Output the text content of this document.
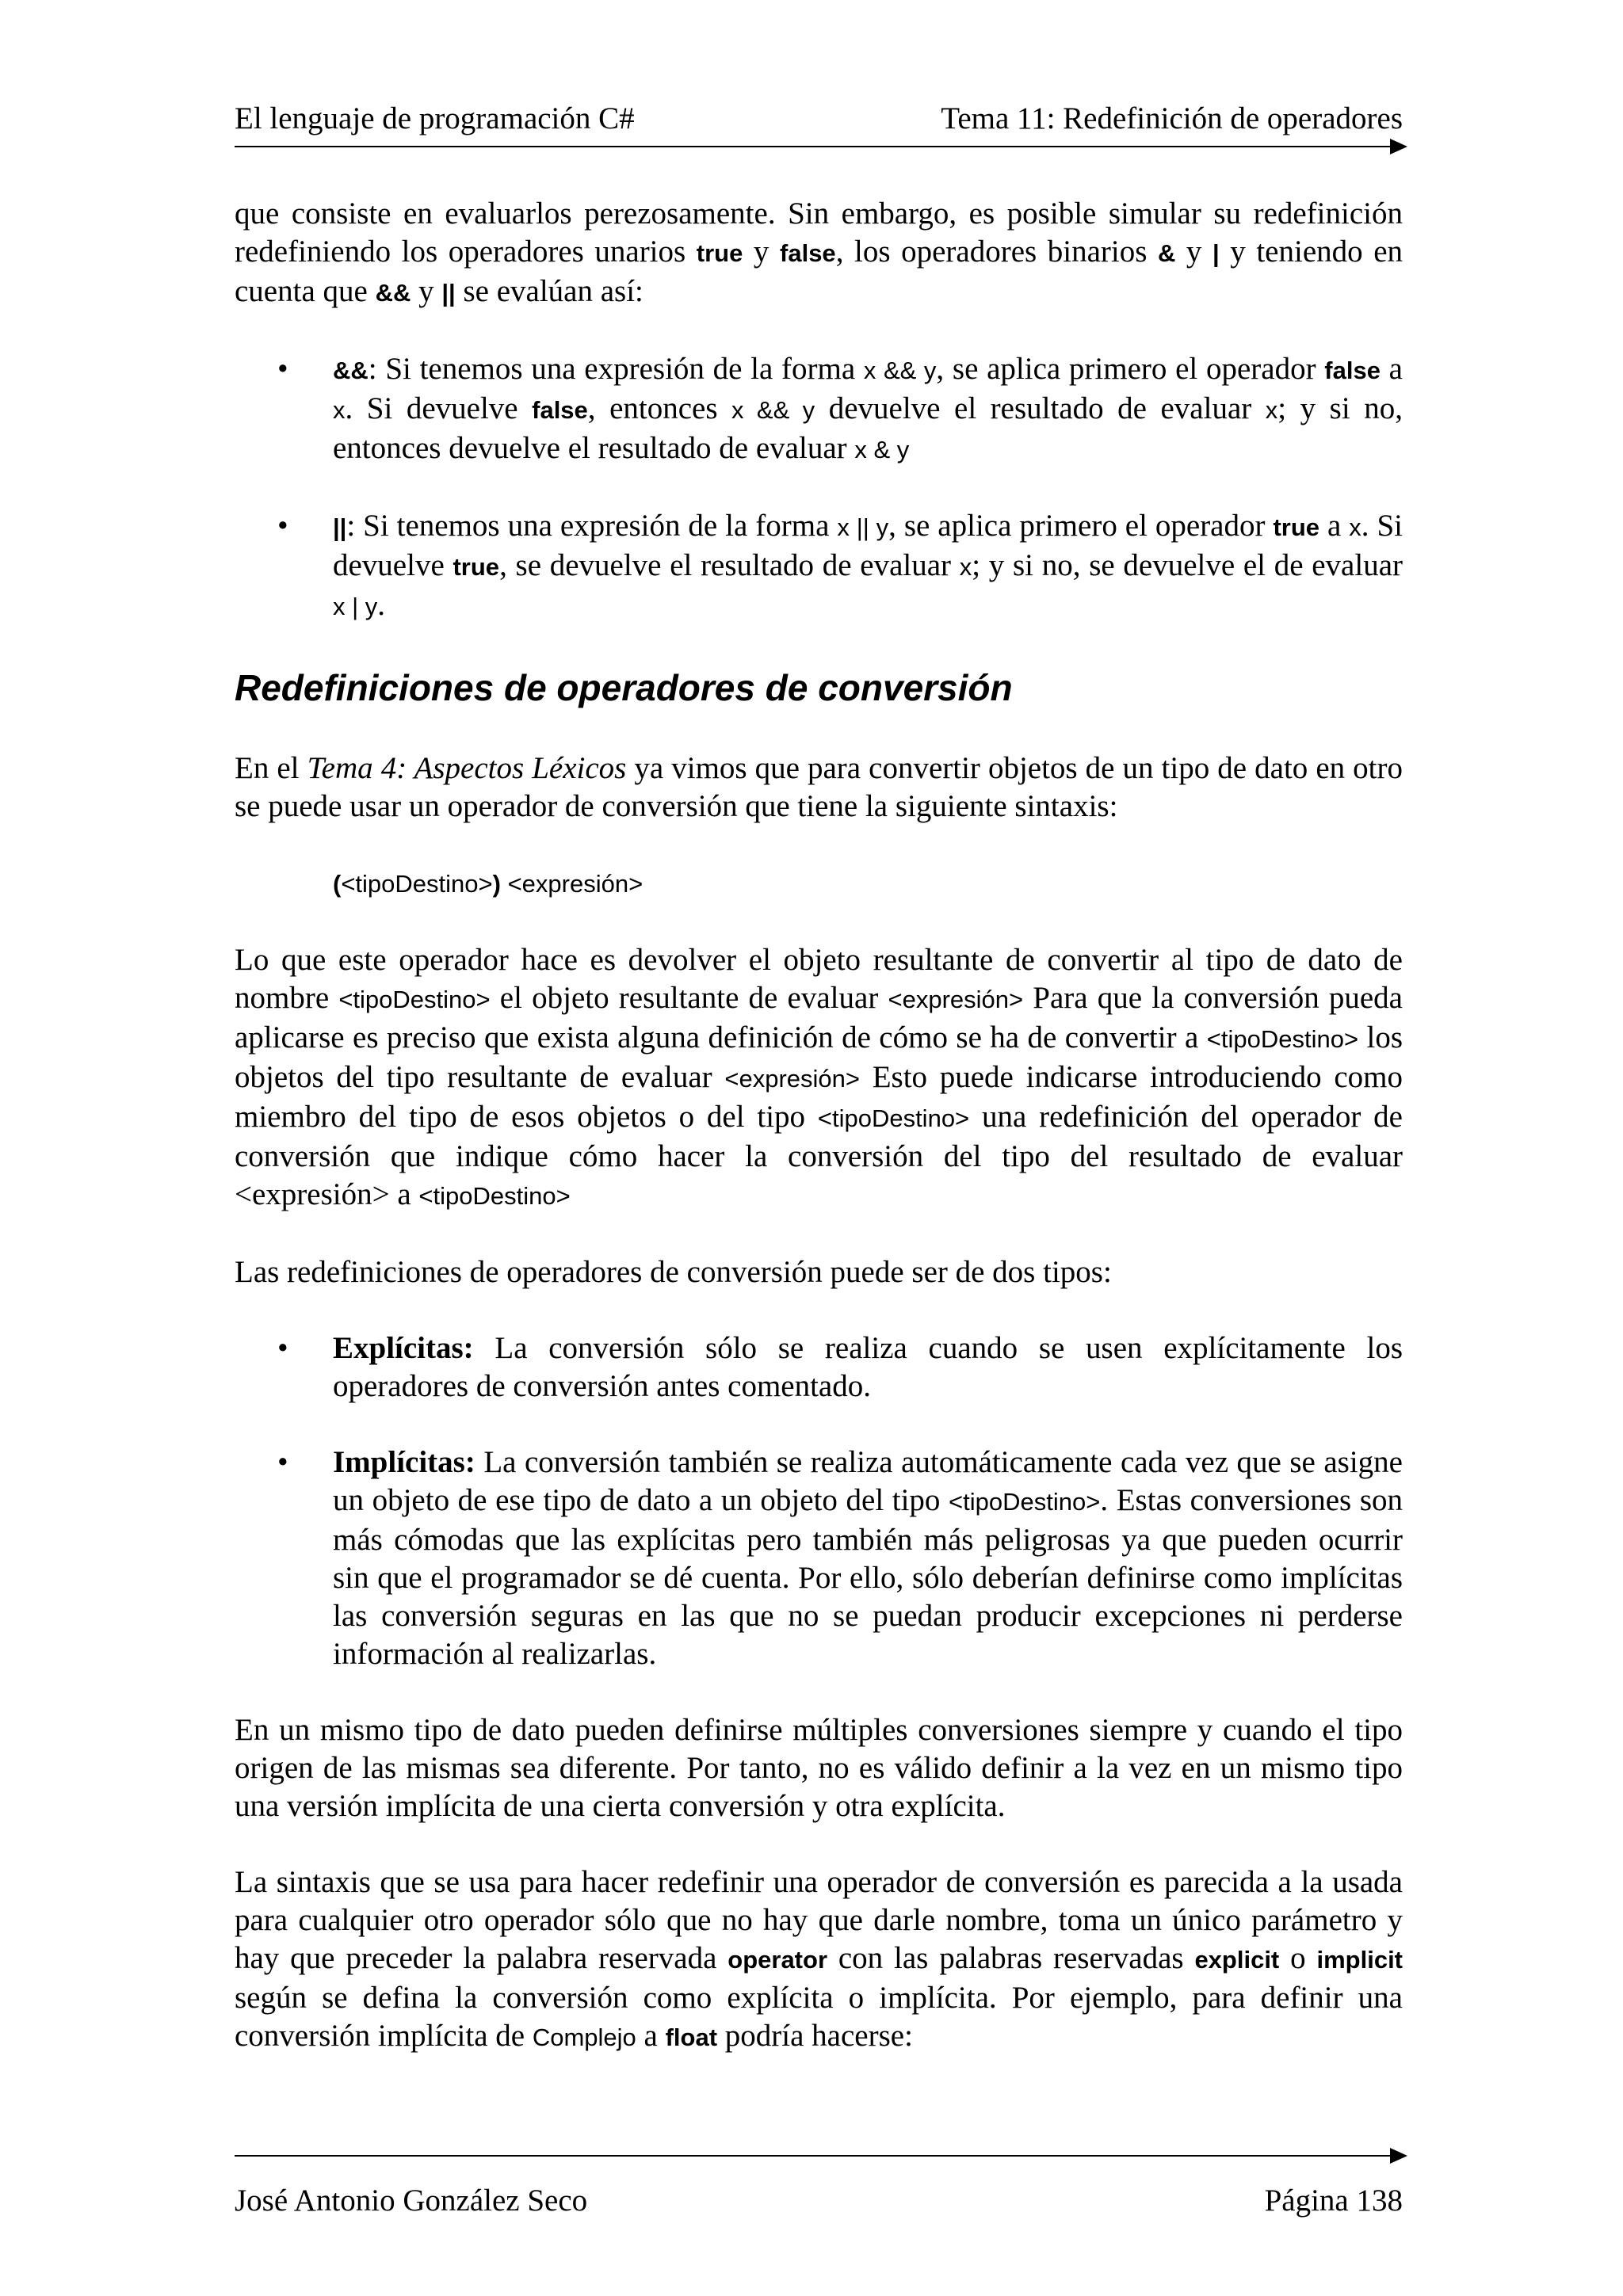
El lenguaje de programación C#	Tema 11: Redefinición de operadores

que consiste en evaluarlos perezosamente. Sin embargo, es posible simular su redefinición redefiniendo los operadores unarios true y false, los operadores binarios & y | y teniendo en cuenta que && y || se evalúan así:

•	&&: Si tenemos una expresión de la forma x && y, se aplica primero el operador false a x. Si devuelve false, entonces x && y devuelve el resultado de evaluar x; y si no, entonces devuelve el resultado de evaluar x & y
•	||: Si tenemos una expresión de la forma x || y, se aplica primero el operador true a x. Si devuelve true, se devuelve el resultado de evaluar x; y si no, se devuelve el de evaluar x | y.
Redefiniciones de operadores de conversión

En el Tema 4: Aspectos Léxicos ya vimos que para convertir objetos de un tipo de dato en otro se puede usar un operador de conversión que tiene la siguiente sintaxis:

(<tipoDestino>) <expresión>

Lo que este operador hace es devolver el objeto resultante de convertir al tipo de dato de nombre <tipoDestino> el objeto resultante de evaluar <expresión> Para que la conversión pueda aplicarse es preciso que exista alguna definición de cómo se ha de convertir a <tipoDestino> los objetos del tipo resultante de evaluar <expresión> Esto puede indicarse introduciendo como miembro del tipo de esos objetos o del tipo <tipoDestino> una redefinición del operador de conversión que indique cómo hacer la conversión del tipo del resultado de evaluar <expresión> a <tipoDestino>

Las redefiniciones de operadores de conversión puede ser de dos tipos:

•	Explícitas: La conversión sólo se realiza cuando se usen explícitamente los operadores de conversión antes comentado.
•	Implícitas: La conversión también se realiza automáticamente cada vez que se asigne un objeto de ese tipo de dato a un objeto del tipo <tipoDestino>. Estas conversiones son más cómodas que las explícitas pero también más peligrosas ya que pueden ocurrir sin que el programador se dé cuenta. Por ello, sólo deberían definirse como implícitas las conversión seguras en las que no se puedan producir excepciones ni perderse información al realizarlas.

En un mismo tipo de dato pueden definirse múltiples conversiones siempre y cuando el tipo origen de las mismas sea diferente. Por tanto, no es válido definir a la vez en un mismo tipo una versión implícita de una cierta conversión y otra explícita.

La sintaxis que se usa para hacer redefinir una operador de conversión es parecida a la usada para cualquier otro operador sólo que no hay que darle nombre, toma un único parámetro y hay que preceder la palabra reservada operator con las palabras reservadas explicit o implicit según se defina la conversión como explícita o implícita. Por ejemplo, para definir una conversión implícita de Complejo a float podría hacerse:

José Antonio González Seco	Página 138
